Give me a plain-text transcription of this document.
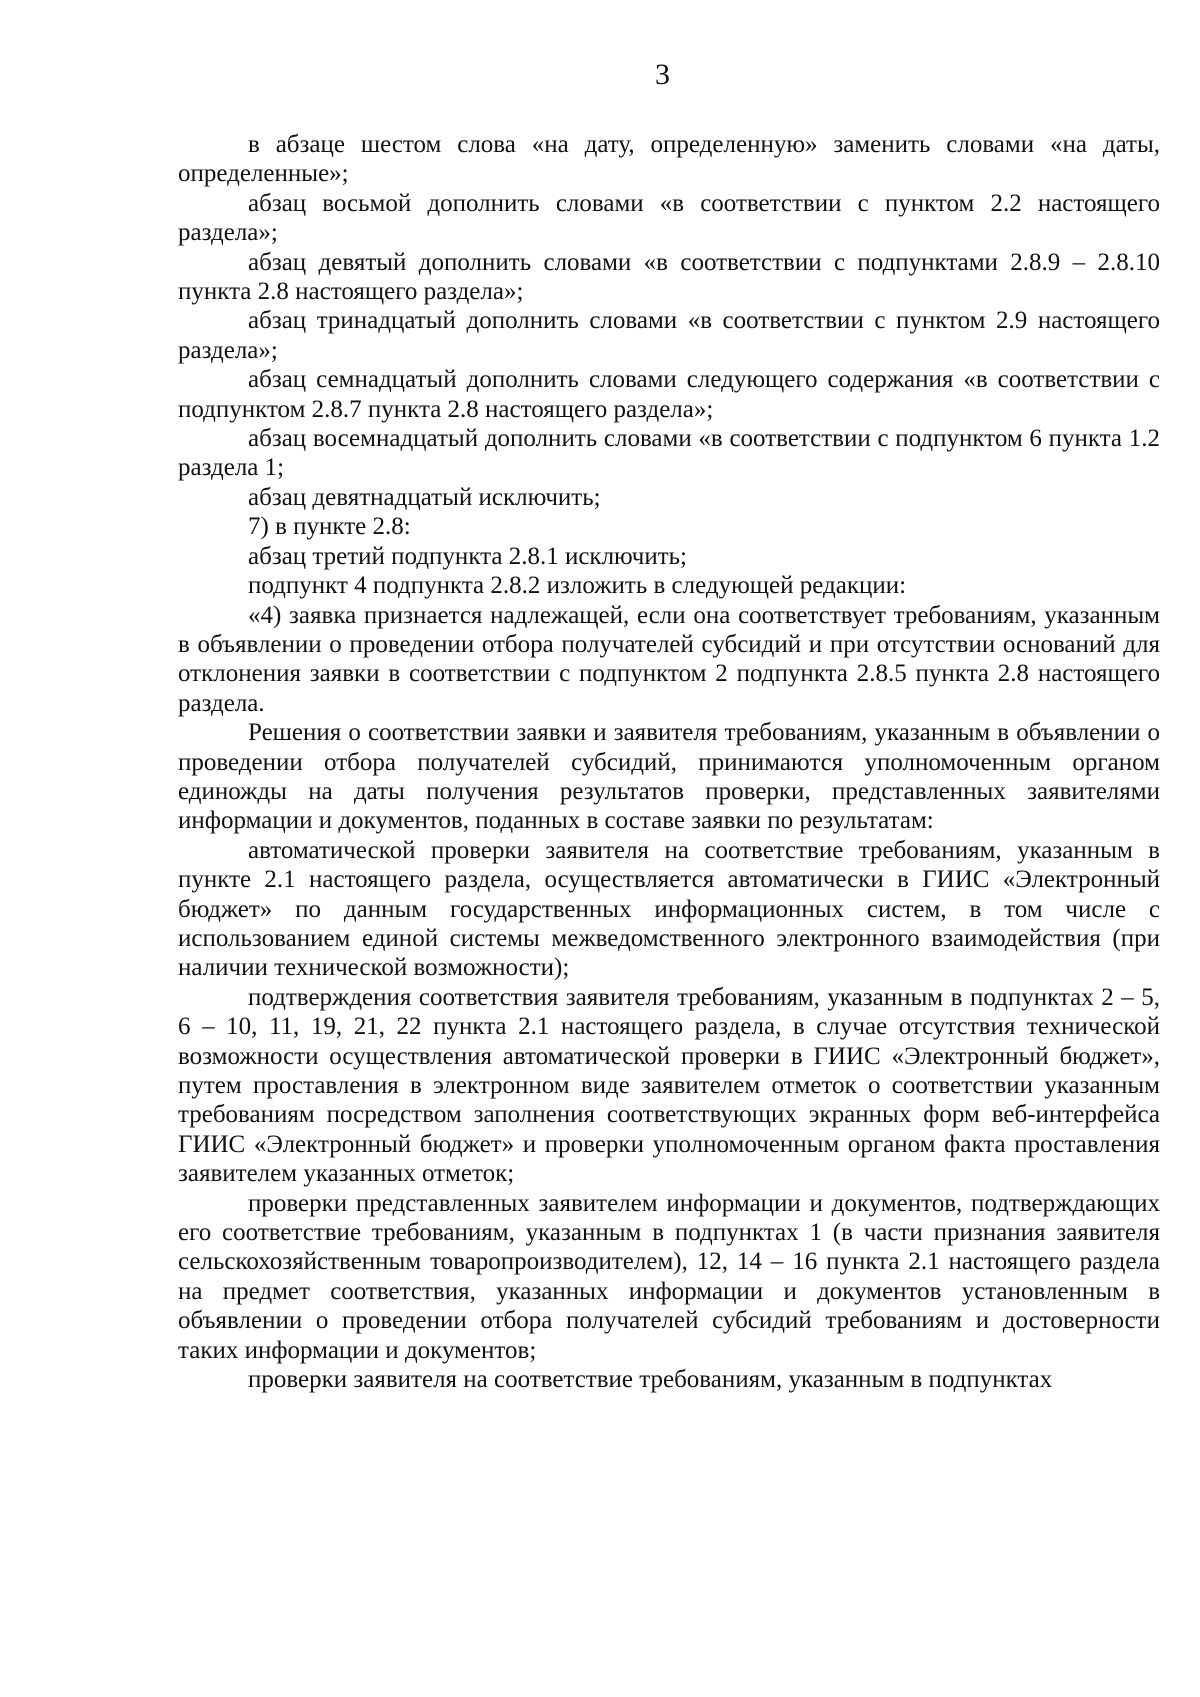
3

в абзаце шестом слова «на дату, определенную» заменить словами «на даты, определенные»;

абзац восьмой дополнить словами «в соответствии с пунктом 2.2 настоящего раздела»;

абзац девятый дополнить словами «в соответствии с подпунктами 2.8.9 – 2.8.10 пункта 2.8 настоящего раздела»;

абзац тринадцатый дополнить словами «в соответствии с пунктом 2.9 настоящего раздела»;

абзац семнадцатый дополнить словами следующего содержания «в соответствии с подпунктом 2.8.7 пункта 2.8 настоящего раздела»;

абзац восемнадцатый дополнить словами «в соответствии с подпунктом 6 пункта 1.2 раздела 1;

абзац девятнадцатый исключить;

7) в пункте 2.8:

абзац третий подпункта 2.8.1 исключить;

подпункт 4 подпункта 2.8.2 изложить в следующей редакции:

«4) заявка признается надлежащей, если она соответствует требованиям, указанным в объявлении о проведении отбора получателей субсидий и при отсутствии оснований для отклонения заявки в соответствии с подпунктом 2 подпункта 2.8.5 пункта 2.8 настоящего раздела.

Решения о соответствии заявки и заявителя требованиям, указанным в объявлении о проведении отбора получателей субсидий, принимаются уполномоченным органом единожды на даты получения результатов проверки, представленных заявителями информации и документов, поданных в составе заявки по результатам:

автоматической проверки заявителя на соответствие требованиям, указанным в пункте 2.1 настоящего раздела, осуществляется автоматически в ГИИС «Электронный бюджет» по данным государственных информационных систем, в том числе с использованием единой системы межведомственного электронного взаимодействия (при наличии технической возможности);

подтверждения соответствия заявителя требованиям, указанным в подпунктах 2 – 5, 6 – 10, 11, 19, 21, 22 пункта 2.1 настоящего раздела, в случае отсутствия технической возможности осуществления автоматической проверки в ГИИС «Электронный бюджет», путем проставления в электронном виде заявителем отметок о соответствии указанным требованиям посредством заполнения соответствующих экранных форм веб-интерфейса ГИИС «Электронный бюджет» и проверки уполномоченным органом факта проставления заявителем указанных отметок;

проверки представленных заявителем информации и документов, подтверждающих его соответствие требованиям, указанным в подпунктах 1 (в части признания заявителя сельскохозяйственным товаропроизводителем), 12, 14 – 16 пункта 2.1 настоящего раздела на предмет соответствия, указанных информации и документов установленным в объявлении о проведении отбора получателей субсидий требованиям и достоверности таких информации и документов;

проверки заявителя на соответствие требованиям, указанным в подпунктах
